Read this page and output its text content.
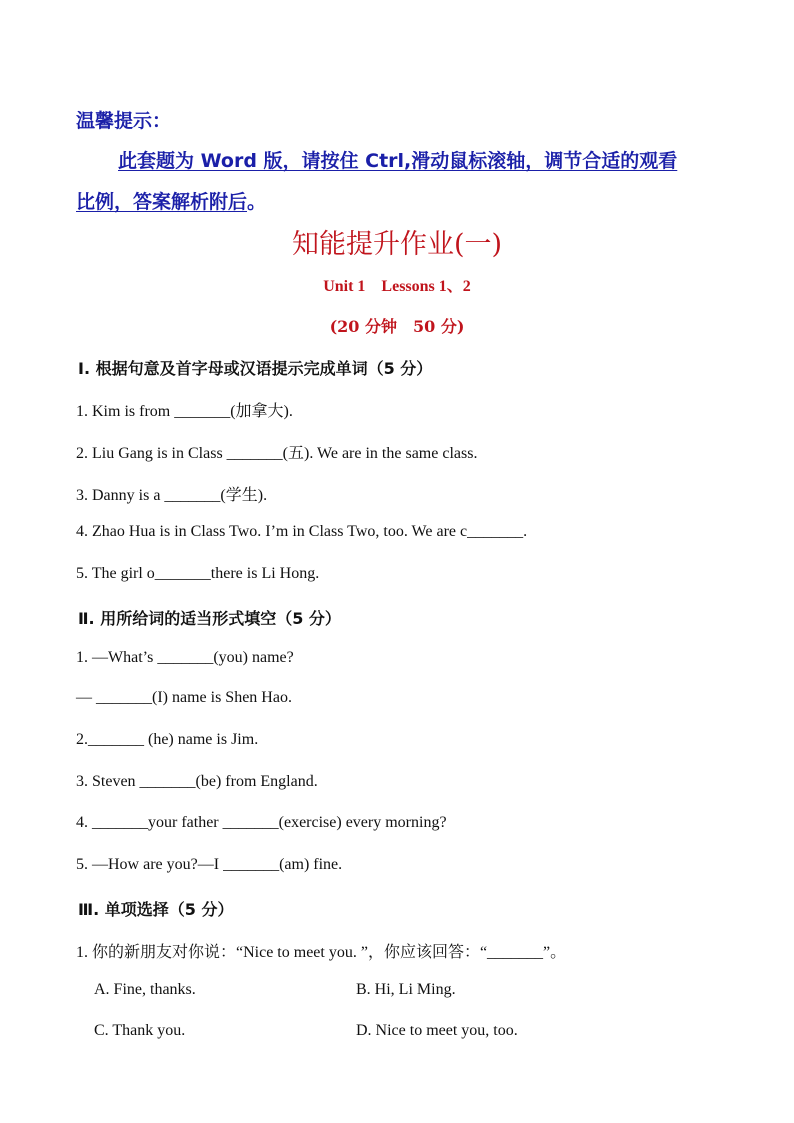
温馨提示：
此套题为 Word 版，请按住 Ctrl,滑动鼠标滚轴，调节合适的观看
比例，答案解析附后。
知能提升作业(一)
Unit 1　Lessons 1、2
(20 分钟　50 分)
Ⅰ. 根据句意及首字母或汉语提示完成单词（5 分）
1. Kim is from _______(加拿大).
2. Liu Gang is in Class _______(五). We are in the same class.
3. Danny is a _______(学生).
4. Zhao Hua is in Class Two. I’m in Class Two, too. We are c_______.
5. The girl o_______there is Li Hong.
Ⅱ. 用所给词的适当形式填空（5 分）
1. —What’s _______(you) name?
— _______(I) name is Shen Hao.
2._______ (he) name is Jim.
3. Steven _______(be) from England.
4. _______your father _______(exercise) every morning?
5. —How are you?—I _______(am) fine.
Ⅲ. 单项选择（5 分）
1. 你的新朋友对你说：“Nice to meet you. ”，你应该回答：“_______”。
A. Fine, thanks.	B. Hi, Li Ming.
C. Thank you.	D. Nice to meet you, too.
